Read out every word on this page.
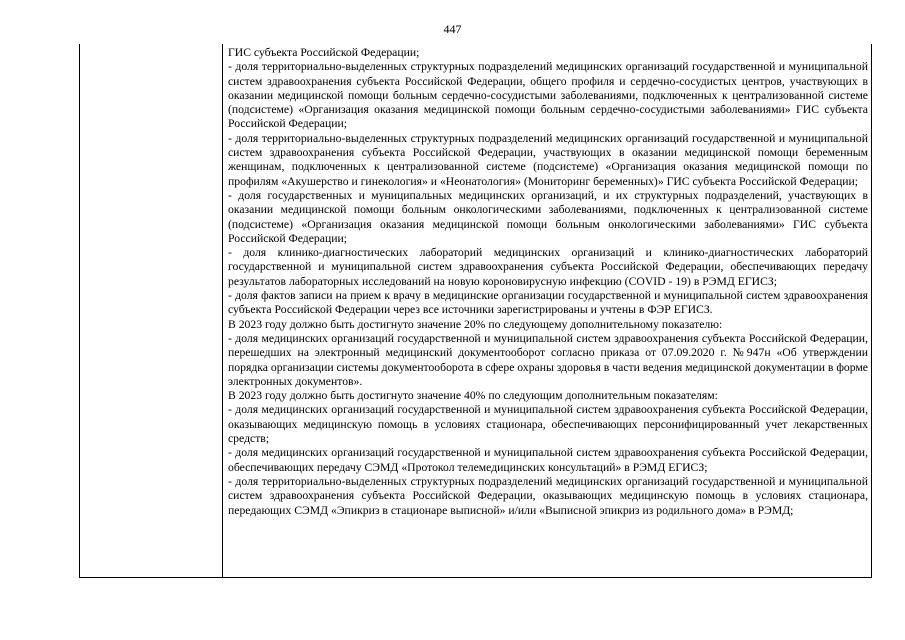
447

ГИС субъекта Российской Федерации;

- доля территориально-выделенных структурных подразделений медицинских организаций государственной и муниципальной систем здравоохранения субъекта Российской Федерации, общего профиля и сердечно-сосудистых центров, участвующих в оказании медицинской помощи больным сердечно-сосудистыми заболеваниями, подключенных к централизованной системе (подсистеме) «Организация оказания медицинской помощи больным сердечно-сосудистыми заболеваниями» ГИС субъекта Российской Федерации;

- доля территориально-выделенных структурных подразделений медицинских организаций государственной и муниципальной систем здравоохранения субъекта Российской Федерации, участвующих в оказании медицинской помощи беременным женщинам, подключенных к централизованной системе (подсистеме) «Организация оказания медицинской помощи по профилям «Акушерство и гинекология» и «Неонатология» (Мониторинг беременных)» ГИС субъекта Российской Федерации;

- доля государственных и муниципальных медицинских организаций, и их структурных подразделений, участвующих в оказании медицинской помощи больным онкологическими заболеваниями, подключенных к централизованной системе (подсистеме) «Организация оказания медицинской помощи больным онкологическими заболеваниями» ГИС субъекта Российской Федерации;

- доля клинико-диагностических лабораторий медицинских организаций и клинико-диагностических лабораторий государственной и муниципальной систем здравоохранения субъекта Российской Федерации, обеспечивающих передачу результатов лабораторных исследований на новую короновирусную инфекцию (COVID - 19) в РЭМД ЕГИСЗ;

- доля фактов записи на прием к врачу в медицинские организации государственной и муниципальной систем здравоохранения субъекта Российской Федерации через все источники зарегистрированы и учтены в ФЭР ЕГИСЗ.

В 2023 году должно быть достигнуто значение 20% по следующему дополнительному показателю:

- доля медицинских организаций государственной и муниципальной систем здравоохранения субъекта Российской Федерации, перешедших на электронный медицинский документооборот согласно приказа от 07.09.2020 г. №947н «Об утверждении порядка организации системы документооборота в сфере охраны здоровья в части ведения медицинской документации в форме электронных документов».

В 2023 году должно быть достигнуто значение 40% по следующим дополнительным показателям:

- доля медицинских организаций государственной и муниципальной систем здравоохранения субъекта Российской Федерации, оказывающих медицинскую помощь в условиях стационара, обеспечивающих персонифицированный учет лекарственных средств;

- доля медицинских организаций государственной и муниципальной систем здравоохранения субъекта Российской Федерации, обеспечивающих передачу СЭМД «Протокол телемедицинских консультаций» в РЭМД ЕГИСЗ;

- доля территориально-выделенных структурных подразделений медицинских организаций государственной и муниципальной систем здравоохранения субъекта Российской Федерации, оказывающих медицинскую помощь в условиях стационара, передающих СЭМД «Эпикриз в стационаре выписной» и/или «Выписной эпикриз из родильного дома» в РЭМД;
